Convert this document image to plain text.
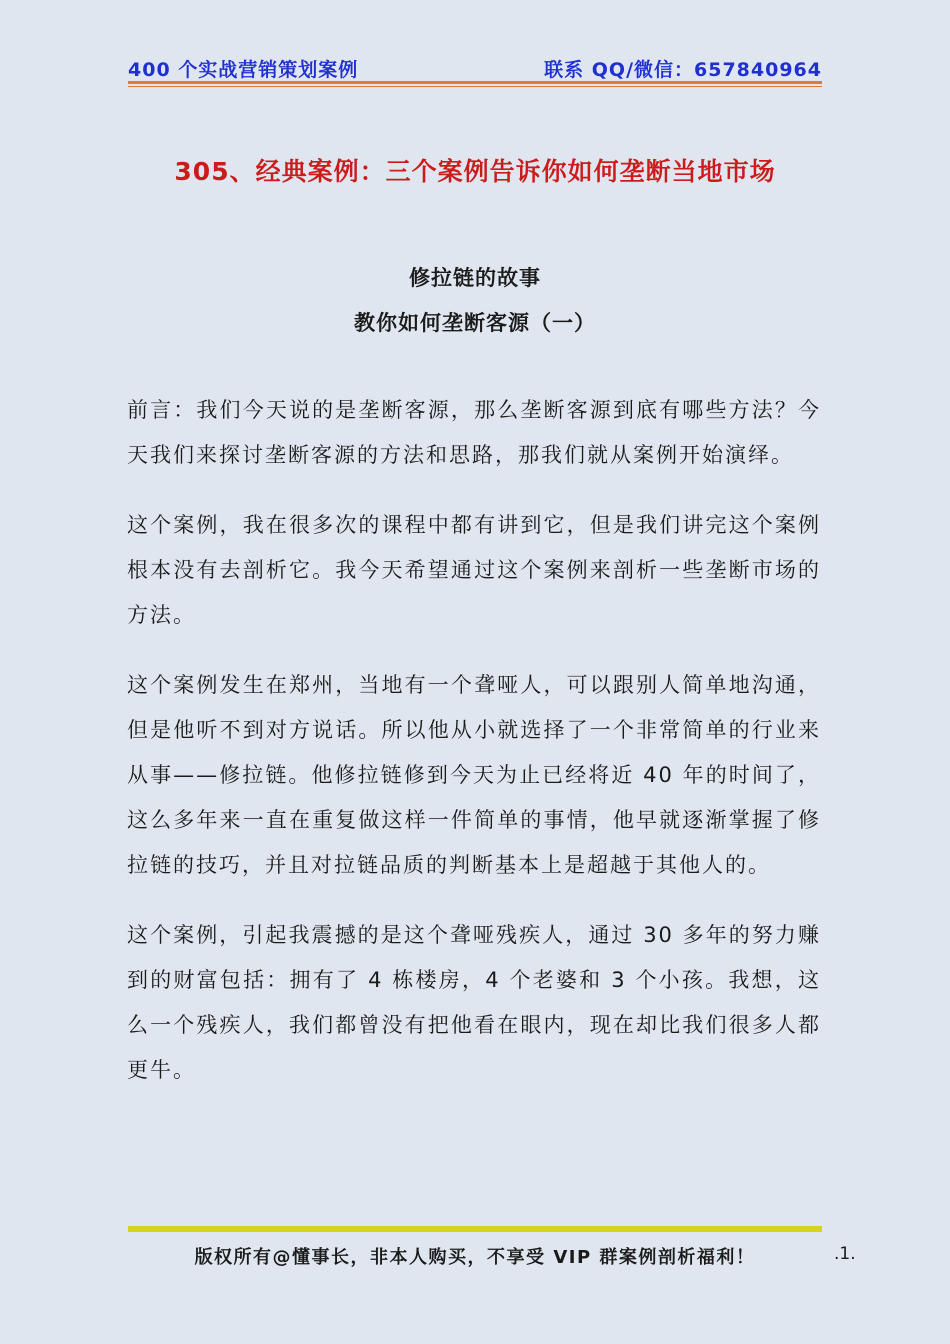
400 个实战营销策划案例	联系 QQ/微信：657840964
305、经典案例：三个案例告诉你如何垄断当地市场
修拉链的故事
教你如何垄断客源（一）

前言：我们今天说的是垄断客源，那么垄断客源到底有哪些方法？今天我们来探讨垄断客源的方法和思路，那我们就从案例开始演绎。

这个案例，我在很多次的课程中都有讲到它，但是我们讲完这个案例根本没有去剖析它。我今天希望通过这个案例来剖析一些垄断市场的方法。

这个案例发生在郑州，当地有一个聋哑人，可以跟别人简单地沟通，但是他听不到对方说话。所以他从小就选择了一个非常简单的行业来从事——修拉链。他修拉链修到今天为止已经将近 40 年的时间了，这么多年来一直在重复做这样一件简单的事情，他早就逐渐掌握了修拉链的技巧，并且对拉链品质的判断基本上是超越于其他人的。

这个案例，引起我震撼的是这个聋哑残疾人，通过 30 多年的努力赚到的财富包括：拥有了 4 栋楼房，4 个老婆和 3 个小孩。我想，这么一个残疾人，我们都曾没有把他看在眼内，现在却比我们很多人都更牛。

版权所有@懂事长，非本人购买，不享受 VIP 群案例剖析福利！	.1.
